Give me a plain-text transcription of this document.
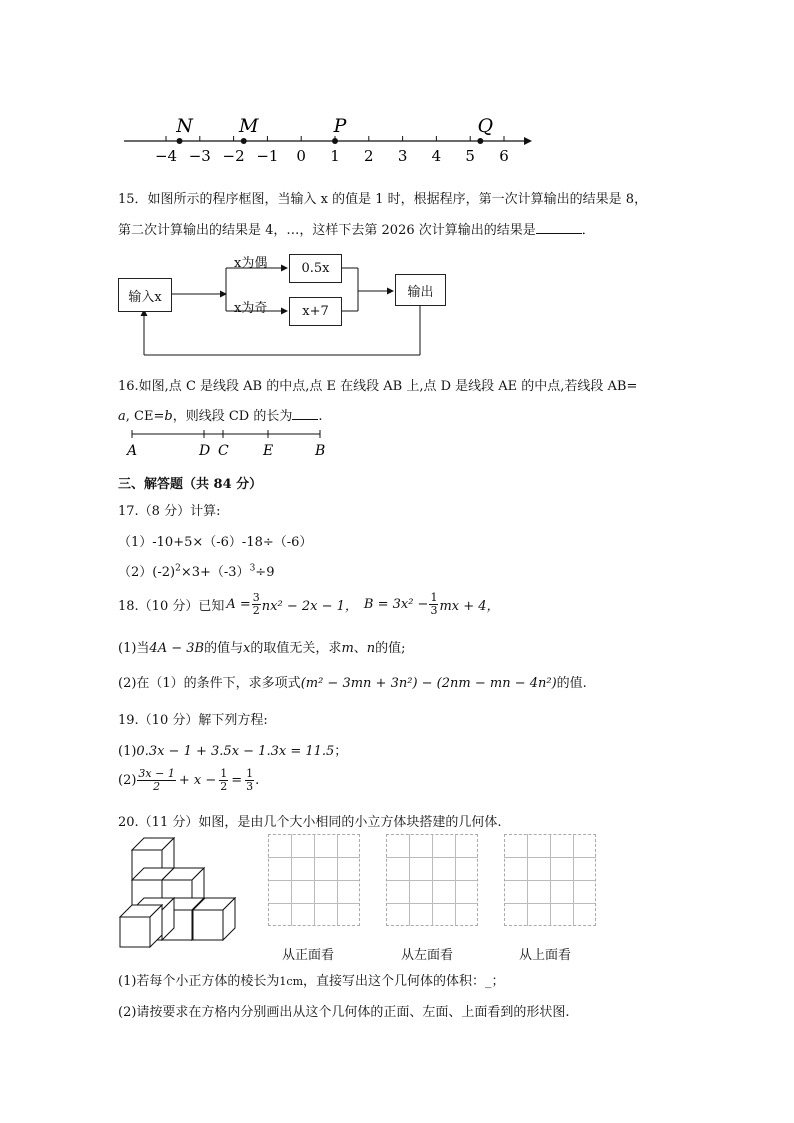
−4 −3 −2 −1 0 1 2 3 4 5 6
N M	P	Q
15．如图所示的程序框图，当输入 x 的值是 1 时，根据程序，第一次计算输出的结果是 8，
第二次计算输出的结果是 4，…，这样下去第 2026 次计算输出的结果是	．
输入x
x为偶
x为奇
0.5x
x+7
输出
16.如图,点 C 是线段 AB 的中点,点 E 在线段 AB 上,点 D 是线段 AE 的中点,若线段 AB=
a, CE=b，则线段 CD 的长为 .
A	D C E	B
三、解答题（共 84 分）
17.（8 分）计算:
（1）-10+5×（-6）-18÷（-6）
$(2)(-2)^2\times 3+(-3)^3\div 9$
18.（10 分）已知 $A = \frac{3}{2} nx^2 - 2x - 1$， $B = 3x^2 - \frac{1}{3}$ mx + 4，
(1)当4A − 3B的值与x的取值无关，求m、n的值;
(2)在（1）的条件下，求多项式(m² − 3mn + 3n²) − (2nm − mn − 4n²)的值.
19.（10 分）解下列方程:
(1)0.3x − 1 + 3.5x − 1.3x = 11.5；
$(2) \frac{3x - 1}{2} + x - \frac{1}{2} = \frac{1}{3}$ .
20.（11 分）如图，是由几个大小相同的小立方体块搭建的几何体.
从正面看	从左面看	从上面看
(1)若每个小正方体的棱长为1cm，直接写出这个几何体的体积：_；
(2)请按要求在方格内分别画出从这个几何体的正面、左面、上面看到的形状图.
